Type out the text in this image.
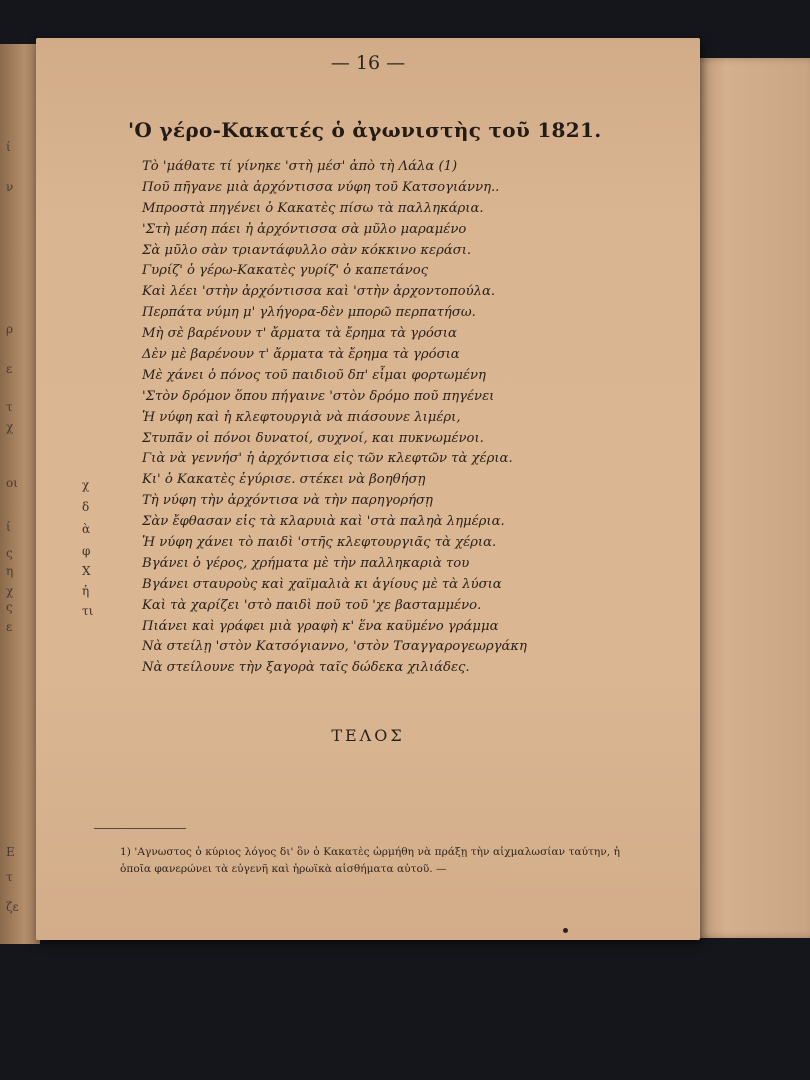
ί
ν
ρ
ε
τ
χ
οι
ί
ς
η
χ
ς
ε
Ε
τ
ζε
— 16 —
χ
δ
ὰ
φ
Χ
ἠ
τι
'Ο γέρο-Κακατές ὁ ἀγωνιστὴς τοῦ 1821.
Τὸ 'μάθατε τί γίνηκε 'στὴ μέσ' ἀπὸ τὴ Λάλα (1)
Ποῦ πῆγανε μιὰ ἀρχόντισσα νύφη τοῦ Κατσογιάννη..
Μπροστὰ πηγένει ὁ Κακατὲς πίσω τὰ παλληκάρια.
'Στὴ μέση πάει ἡ ἀρχόντισσα σὰ μῦλο μαραμένο
Σὰ μῦλο σὰν τριαντάφυλλο σὰν κόκκινο κεράσι.
Γυρίζ' ὁ γέρω-Κακατὲς γυρίζ' ὁ καπετάνος
Καὶ λέει 'στὴν ἀρχόντισσα καὶ 'στὴν ἀρχοντοπούλα.
Περπάτα νύμη μ' γλήγορα-δὲν μπορῶ περπατήσω.
Μὴ σὲ βαρένουν τ' ἄρματα τὰ ἔρημα τὰ γρόσια
Δὲν μὲ βαρένουν τ' ἄρματα τὰ ἔρημα τὰ γρόσια
Μὲ χάνει ὁ πόνος τοῦ παιδιοῦ δπ' εἶμαι φορτωμένη
'Στὸν δρόμον ὅπου πήγαινε 'στὸν δρόμο ποῦ πηγένει
Ἡ νύφη καὶ ἡ κλεφτουργιὰ νὰ πιάσουνε λιμέρι,
Στυπᾶν οἱ πόνοι δυνατοί, συχνοί, και πυκνωμένοι.
Γιὰ νὰ γεννήσ' ἡ ἀρχόντισα εἰς τῶν κλεφτῶν τὰ χέρια.
Κι' ὁ Κακατὲς ἐγύρισε. στέκει νὰ βοηθήσῃ
Τὴ νύφη τὴν ἀρχόντισα νὰ τὴν παρηγορήσῃ
Σὰν ἔφθασαν εἰς τὰ κλαρυιὰ καὶ 'στὰ παληὰ λημέρια.
Ἡ νύφη χάνει τὸ παιδὶ 'στῆς κλεφτουργιᾶς τὰ χέρια.
Βγάνει ὁ γέρος, χρήματα μὲ τὴν παλληκαριὰ του
Βγάνει σταυροὺς καὶ χαϊμαλιὰ κι ἁγίους μὲ τὰ λύσια
Καὶ τὰ χαρίζει 'στὸ παιδὶ ποῦ τοῦ 'χε βασταμμένο.
Πιάνει καὶ γράφει μιὰ γραφὴ κ' ἕνα καϋμένο γράμμα
Νὰ στείλῃ 'στὸν Κατσόγιαννο, 'στὸν Τσαγγαρογεωργάκη
Νὰ στείλουνε τὴν ξαγορὰ ταῖς δώδεκα χιλιάδες.
ΤΕΛΟΣ
1) 'Αγνωστος ὁ κύριος λόγος δι' ὃν ὁ Κακατὲς ὡρμήθη νὰ πράξῃ τὴν αἰχμαλωσίαν ταύτην, ἡ ὁποῖα φανερώνει τὰ εὐγενῆ καὶ ἡρωϊκὰ αἰσθήματα αὐτοῦ. —
